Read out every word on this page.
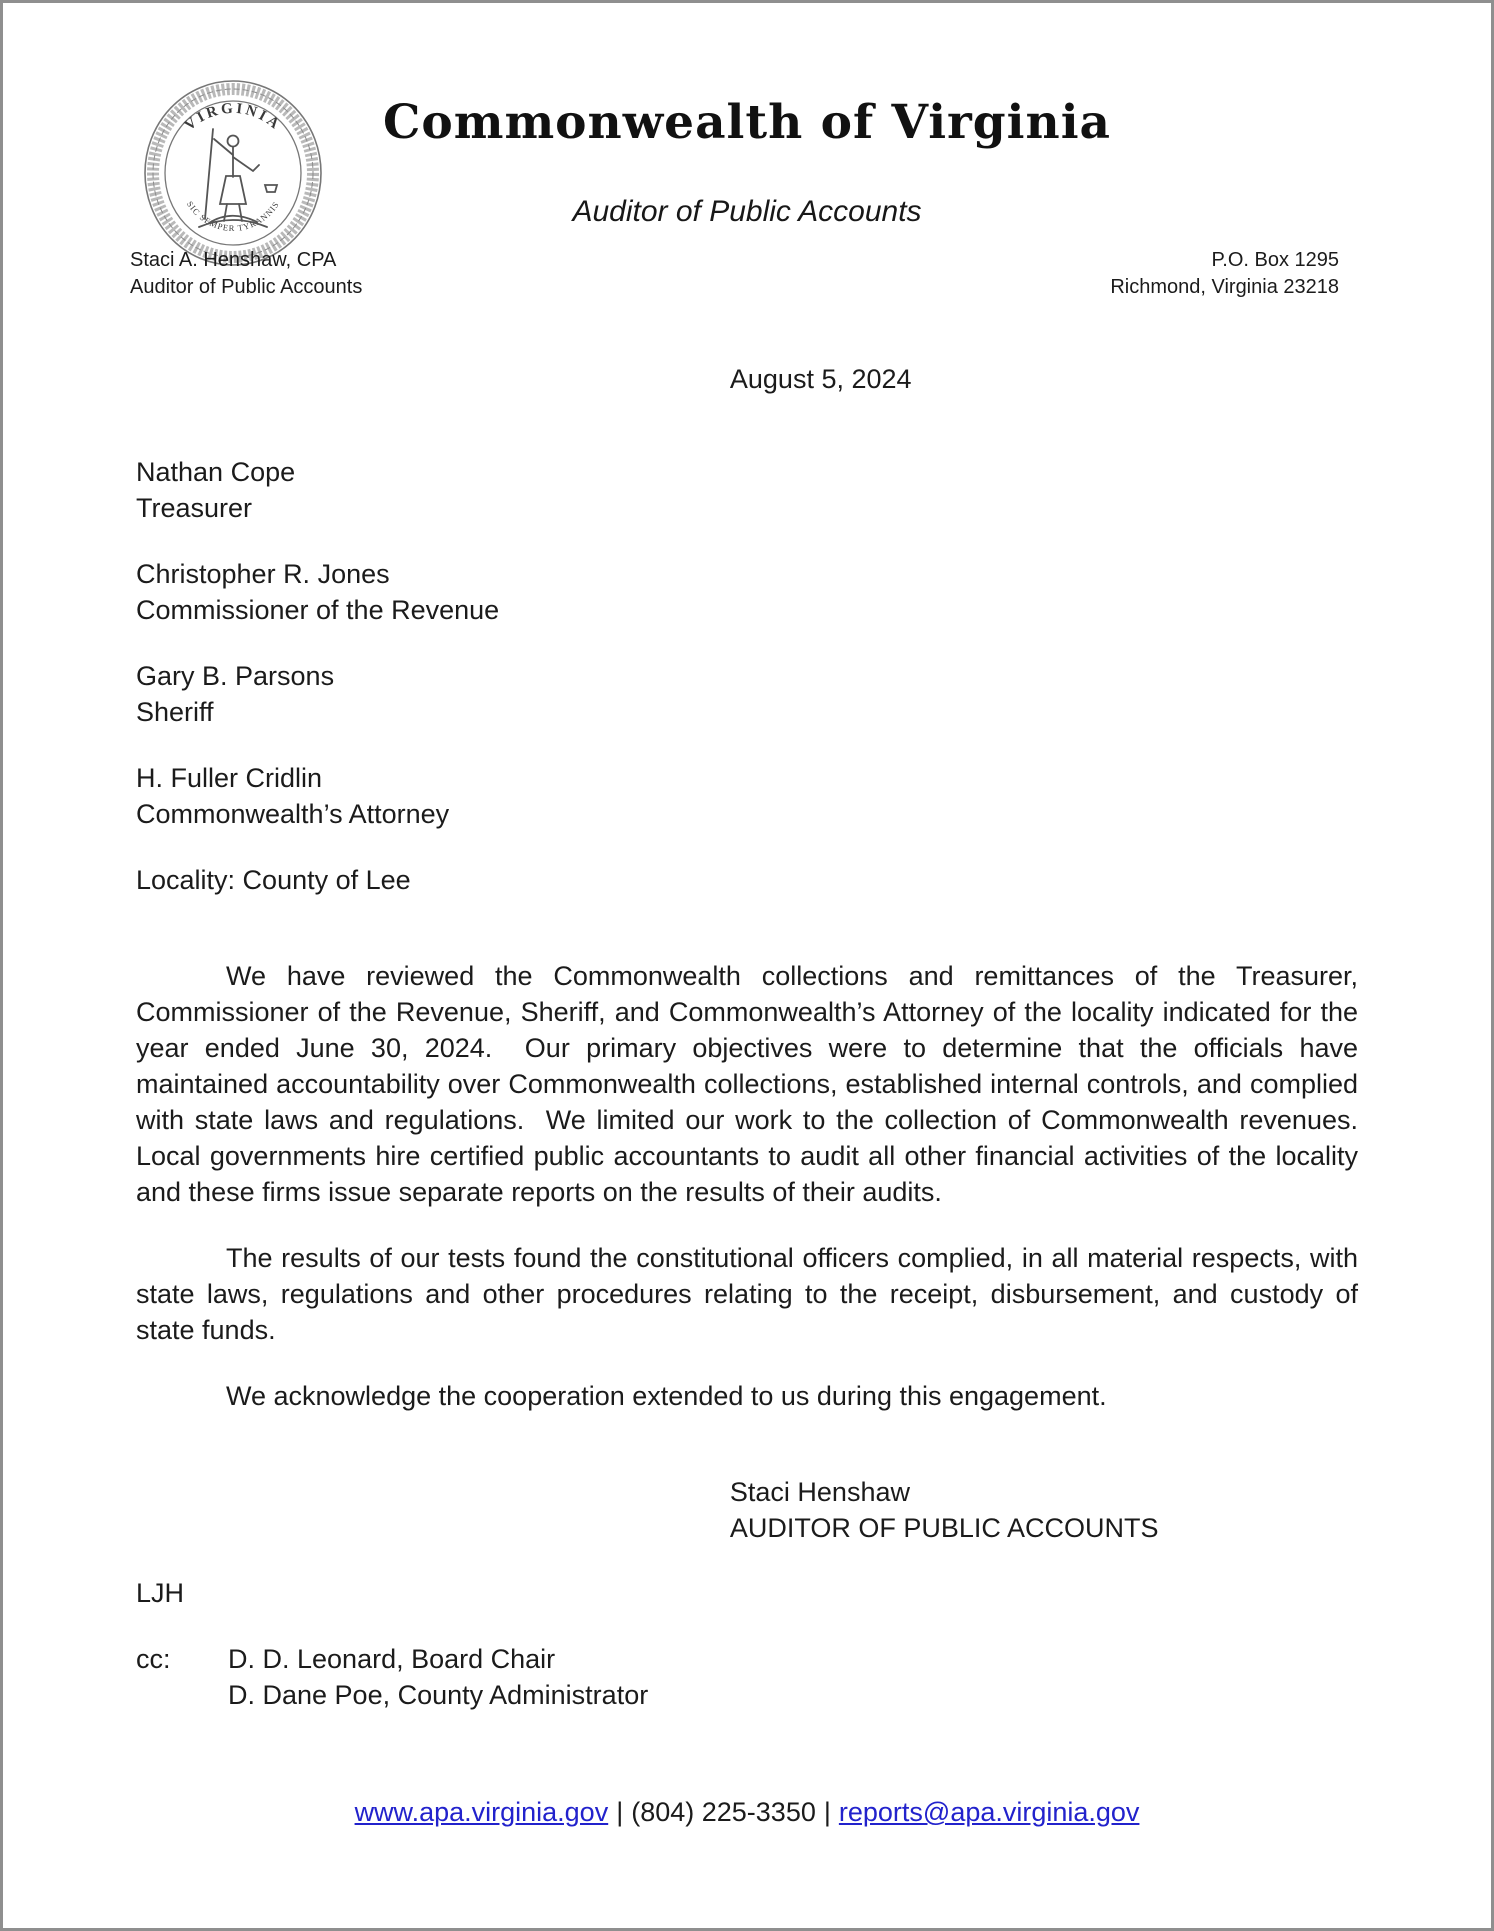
VIRGINIA
SIC SEMPER TYRANNIS
Commonwealth of Virginia
Auditor of Public Accounts
Staci A. Henshaw, CPA
Auditor of Public Accounts
P.O. Box 1295
Richmond, Virginia 23218
August 5, 2024
Nathan Cope
Treasurer
Christopher R. Jones
Commissioner of the Revenue
Gary B. Parsons
Sheriff
H. Fuller Cridlin
Commonwealth’s Attorney
Locality: County of Lee

We have reviewed the Commonwealth collections and remittances of the Treasurer, Commissioner of the Revenue, Sheriff, and Commonwealth’s Attorney of the locality indicated for the year ended June 30, 2024.  Our primary objectives were to determine that the officials have maintained accountability over Commonwealth collections, established internal controls, and complied with state laws and regulations.  We limited our work to the collection of Commonwealth revenues. Local governments hire certified public accountants to audit all other financial activities of the locality and these firms issue separate reports on the results of their audits.

The results of our tests found the constitutional officers complied, in all material respects, with state laws, regulations and other procedures relating to the receipt, disbursement, and custody of state funds.

We acknowledge the cooperation extended to us during this engagement.

Staci Henshaw
AUDITOR OF PUBLIC ACCOUNTS
LJH
cc:	D. D. Leonard, Board Chair
D. Dane Poe, County Administrator
www.apa.virginia.gov | (804) 225-3350 | reports@apa.virginia.gov
